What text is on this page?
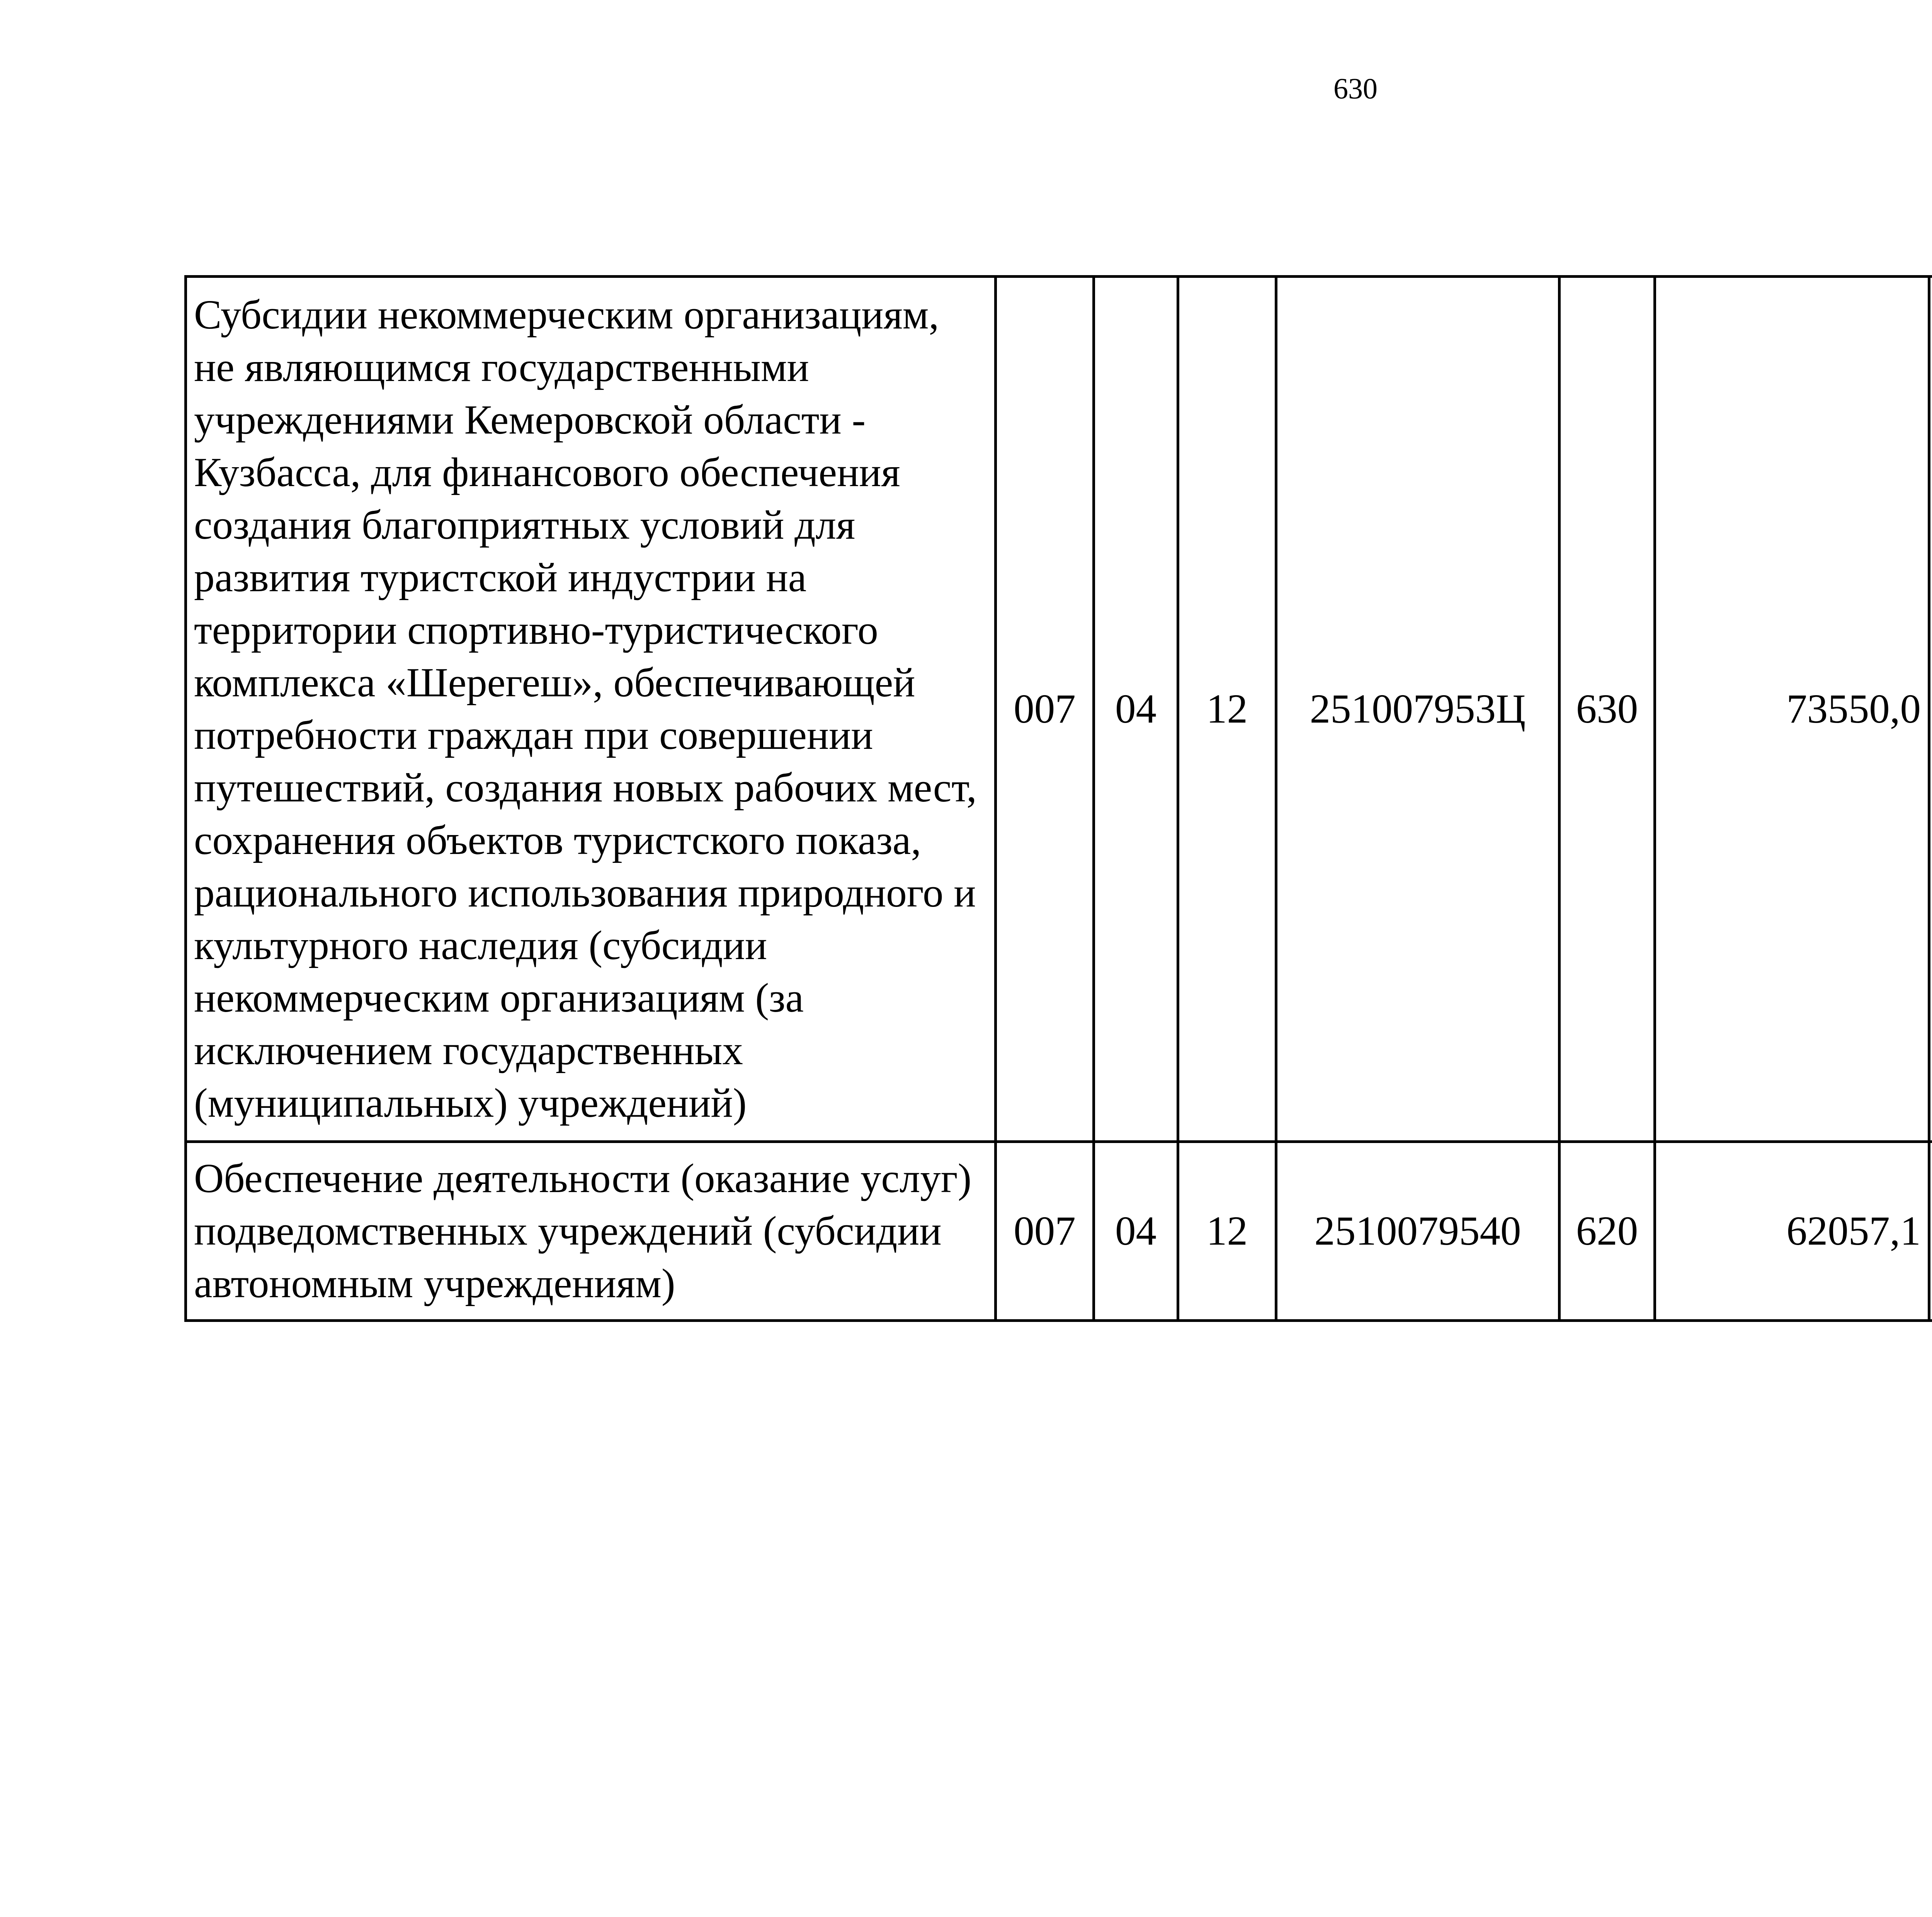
630
Субсидии некоммерческим организациям, не являющимся государственными учреждениями Кемеровской области - Кузбасса, для финансового обеспечения создания благоприятных условий для развития туристской индустрии на территории спортивно-туристического комплекса «Шерегеш», обеспечивающей потребности граждан при совершении путешествий, создания новых рабочих мест, сохранения объектов туристского показа, рационального использования природного и культурного наследия (субсидии некоммерческим организациям (за исключением государственных (муниципальных) учреждений)	007	04	12	251007953Ц	630	73550,0		
Обеспечение деятельности (оказание услуг) подведомственных учреждений (субсидии автономным учреждениям)	007	04	12	2510079540	620	62057,1		
